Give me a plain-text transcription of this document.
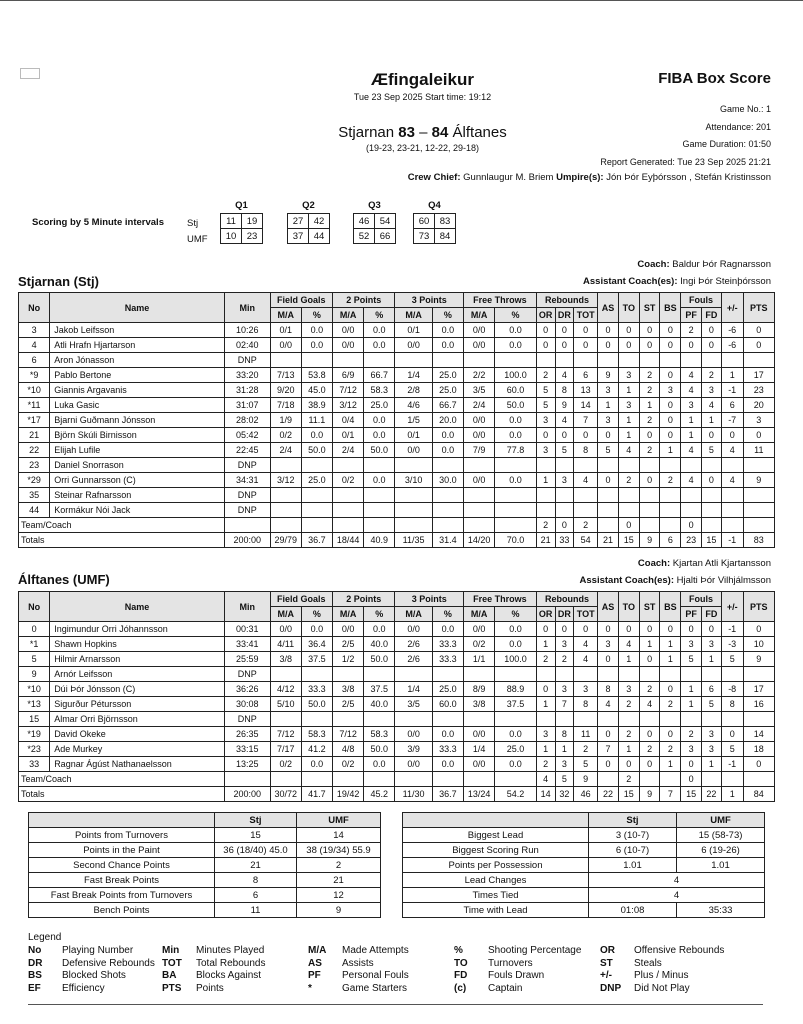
Æfingaleikur
Tue 23 Sep 2025 Start time: 19:12
Stjarnan 83 – 84 Álftanes
(19-23, 23-21, 12-22, 29-18)
FIBA Box Score
Game No.: 1
Attendance: 201
Game Duration: 01:50
Report Generated: Tue 23 Sep 2025 21:21
Crew Chief: Gunnlaugur M. Briem Umpire(s): Jón Þór Eyþórsson , Stefán Kristinsson
Scoring by 5 Minute intervals Stj
UMF
Q1
11	19
10	23
Q2
27	42
37	44
Q3
46	54
52	66
Q4
60	83
73	84
Coach: Baldur Þór Ragnarsson
Assistant Coach(es): Ingi Þór Steinþórsson
Stjarnan (Stj)
No	Name	Min	Field Goals		2 Points		3 Points		Free Throws		Rebounds			AS	TO	ST	BS	Fouls		+/-	PTS
			M/A	%	M/A	%	M/A	%	M/A	%	OR	DR	TOT					PF	FD		
3	Jakob Leifsson	10:26	0/1	0.0	0/0	0.0	0/1	0.0	0/0	0.0	0	0	0	0	0	0	0	2	0	-6	0
4	Atli Hrafn Hjartarson	02:40	0/0	0.0	0/0	0.0	0/0	0.0	0/0	0.0	0	0	0	0	0	0	0	0	0	-6	0
6	Aron Jónasson	DNP																			
*9	Pablo Bertone	33:20	7/13	53.8	6/9	66.7	1/4	25.0	2/2	100.0	2	4	6	9	3	2	0	4	2	1	17
*10	Giannis Argavanis	31:28	9/20	45.0	7/12	58.3	2/8	25.0	3/5	60.0	5	8	13	3	1	2	3	4	3	-1	23
*11	Luka Gasic	31:07	7/18	38.9	3/12	25.0	4/6	66.7	2/4	50.0	5	9	14	1	3	1	0	3	4	6	20
*17	Bjarni Guðmann Jónsson	28:02	1/9	11.1	0/4	0.0	1/5	20.0	0/0	0.0	3	4	7	3	1	2	0	1	1	-7	3
21	Björn Skúli Birnisson	05:42	0/2	0.0	0/1	0.0	0/1	0.0	0/0	0.0	0	0	0	0	1	0	0	1	0	0	0
22	Elijah Lufile	22:45	2/4	50.0	2/4	50.0	0/0	0.0	7/9	77.8	3	5	8	5	4	2	1	4	5	4	11
23	Daniel Snorrason	DNP																			
*29	Orri Gunnarsson (C)	34:31	3/12	25.0	0/2	0.0	3/10	30.0	0/0	0.0	1	3	4	0	2	0	2	4	0	4	9
35	Steinar Rafnarsson	DNP																			
44	Kormákur Nói Jack	DNP																			
Team/Coach											2	0	2		0			0			
Totals		200:00	29/79	36.7	18/44	40.9	11/35	31.4	14/20	70.0	21	33	54	21	15	9	6	23	15	-1	83
Coach: Kjartan Atli Kjartansson
Assistant Coach(es): Hjalti Þór Vilhjálmsson
Álftanes (UMF)
No	Name	Min	Field Goals		2 Points		3 Points		Free Throws		Rebounds			AS	TO	ST	BS	Fouls		+/-	PTS
			M/A	%	M/A	%	M/A	%	M/A	%	OR	DR	TOT					PF	FD		
0	Ingimundur Orri Jóhannsson	00:31	0/0	0.0	0/0	0.0	0/0	0.0	0/0	0.0	0	0	0	0	0	0	0	0	0	-1	0
*1	Shawn Hopkins	33:41	4/11	36.4	2/5	40.0	2/6	33.3	0/2	0.0	1	3	4	3	4	1	1	3	3	-3	10
5	Hilmir Arnarsson	25:59	3/8	37.5	1/2	50.0	2/6	33.3	1/1	100.0	2	2	4	0	1	0	1	5	1	5	9
9	Arnór Leifsson	DNP																			
*10	Dúi Þór Jónsson (C)	36:26	4/12	33.3	3/8	37.5	1/4	25.0	8/9	88.9	0	3	3	8	3	2	0	1	6	-8	17
*13	Sigurður Pétursson	30:08	5/10	50.0	2/5	40.0	3/5	60.0	3/8	37.5	1	7	8	4	2	4	2	1	5	8	16
15	Almar Orri Björnsson	DNP																			
*19	David Okeke	26:35	7/12	58.3	7/12	58.3	0/0	0.0	0/0	0.0	3	8	11	0	2	0	0	2	3	0	14
*23	Ade Murkey	33:15	7/17	41.2	4/8	50.0	3/9	33.3	1/4	25.0	1	1	2	7	1	2	2	3	3	5	18
33	Ragnar Ágúst Nathanaelsson	13:25	0/2	0.0	0/2	0.0	0/0	0.0	0/0	0.0	2	3	5	0	0	0	1	0	1	-1	0
Team/Coach											4	5	9		2			0			
Totals		200:00	30/72	41.7	19/42	45.2	11/30	36.7	13/24	54.2	14	32	46	22	15	9	7	15	22	1	84
	Stj	UMF
Points from Turnovers	15	14
Points in the Paint	36 (18/40) 45.0	38 (19/34) 55.9
Second Chance Points	21	2
Fast Break Points	8	21
Fast Break Points from Turnovers	6	12
Bench Points	11	9
	Stj	UMF
Biggest Lead	3 (10-7)	15 (58-73)
Biggest Scoring Run	6 (10-7)	6 (19-26)
Points per Possession	1.01	1.01
Lead Changes	4	
Times Tied	4	
Time with Lead	01:08	35:33
Legend
No	Playing Number	Min	Minutes Played	M/A	Made Attempts	%	Shooting Percentage	OR	Offensive Rebounds
DR	Defensive Rebounds TOT	Total Rebounds	AS	Assists	TO	Turnovers	ST	Steals
BS	Blocked Shots	BA	Blocks Against	PF	Personal Fouls	FD	Fouls Drawn	+/-	Plus / Minus
EF	Efficiency	PTS	Points	*	Game Starters	(c)	Captain	DNP	Did Not Play
